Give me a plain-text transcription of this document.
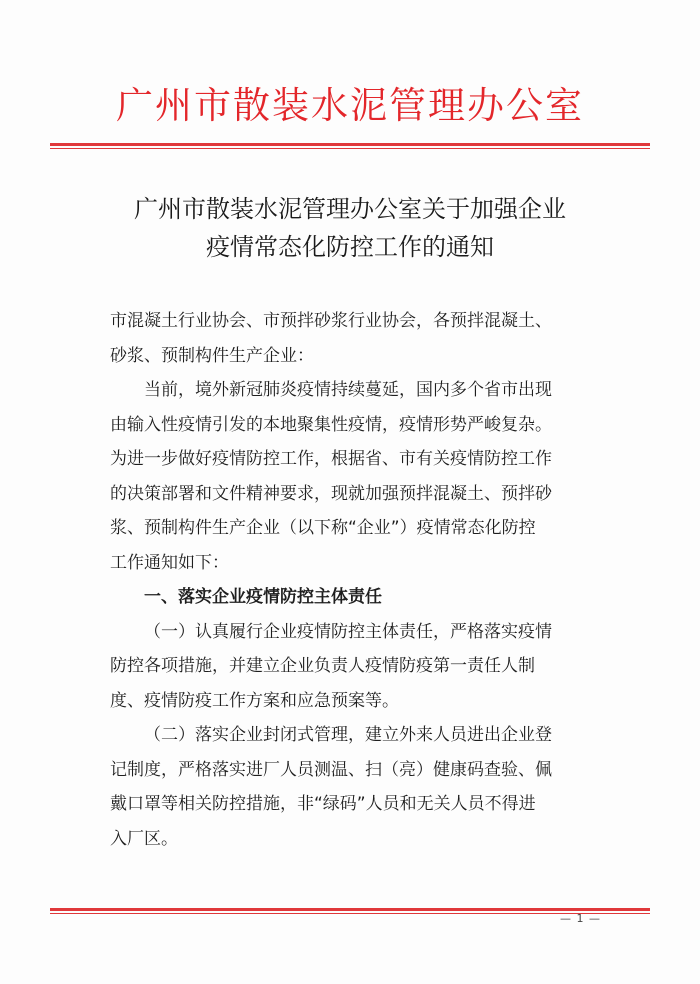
广州市散装水泥管理办公室
广州市散装水泥管理办公室关于加强企业
疫情常态化防控工作的通知
市混凝土行业协会、市预拌砂浆行业协会，各预拌混凝土、
砂浆、预制构件生产企业：
当前，境外新冠肺炎疫情持续蔓延，国内多个省市出现
由输入性疫情引发的本地聚集性疫情，疫情形势严峻复杂。
为进一步做好疫情防控工作，根据省、市有关疫情防控工作
的决策部署和文件精神要求，现就加强预拌混凝土、预拌砂
浆、预制构件生产企业（以下称“企业”）疫情常态化防控
工作通知如下：
一、落实企业疫情防控主体责任
（一）认真履行企业疫情防控主体责任，严格落实疫情
防控各项措施，并建立企业负责人疫情防疫第一责任人制
度、疫情防疫工作方案和应急预案等。
（二）落实企业封闭式管理，建立外来人员进出企业登
记制度，严格落实进厂人员测温、扫（亮）健康码查验、佩
戴口罩等相关防控措施，非“绿码”人员和无关人员不得进
入厂区。
— 1 —
